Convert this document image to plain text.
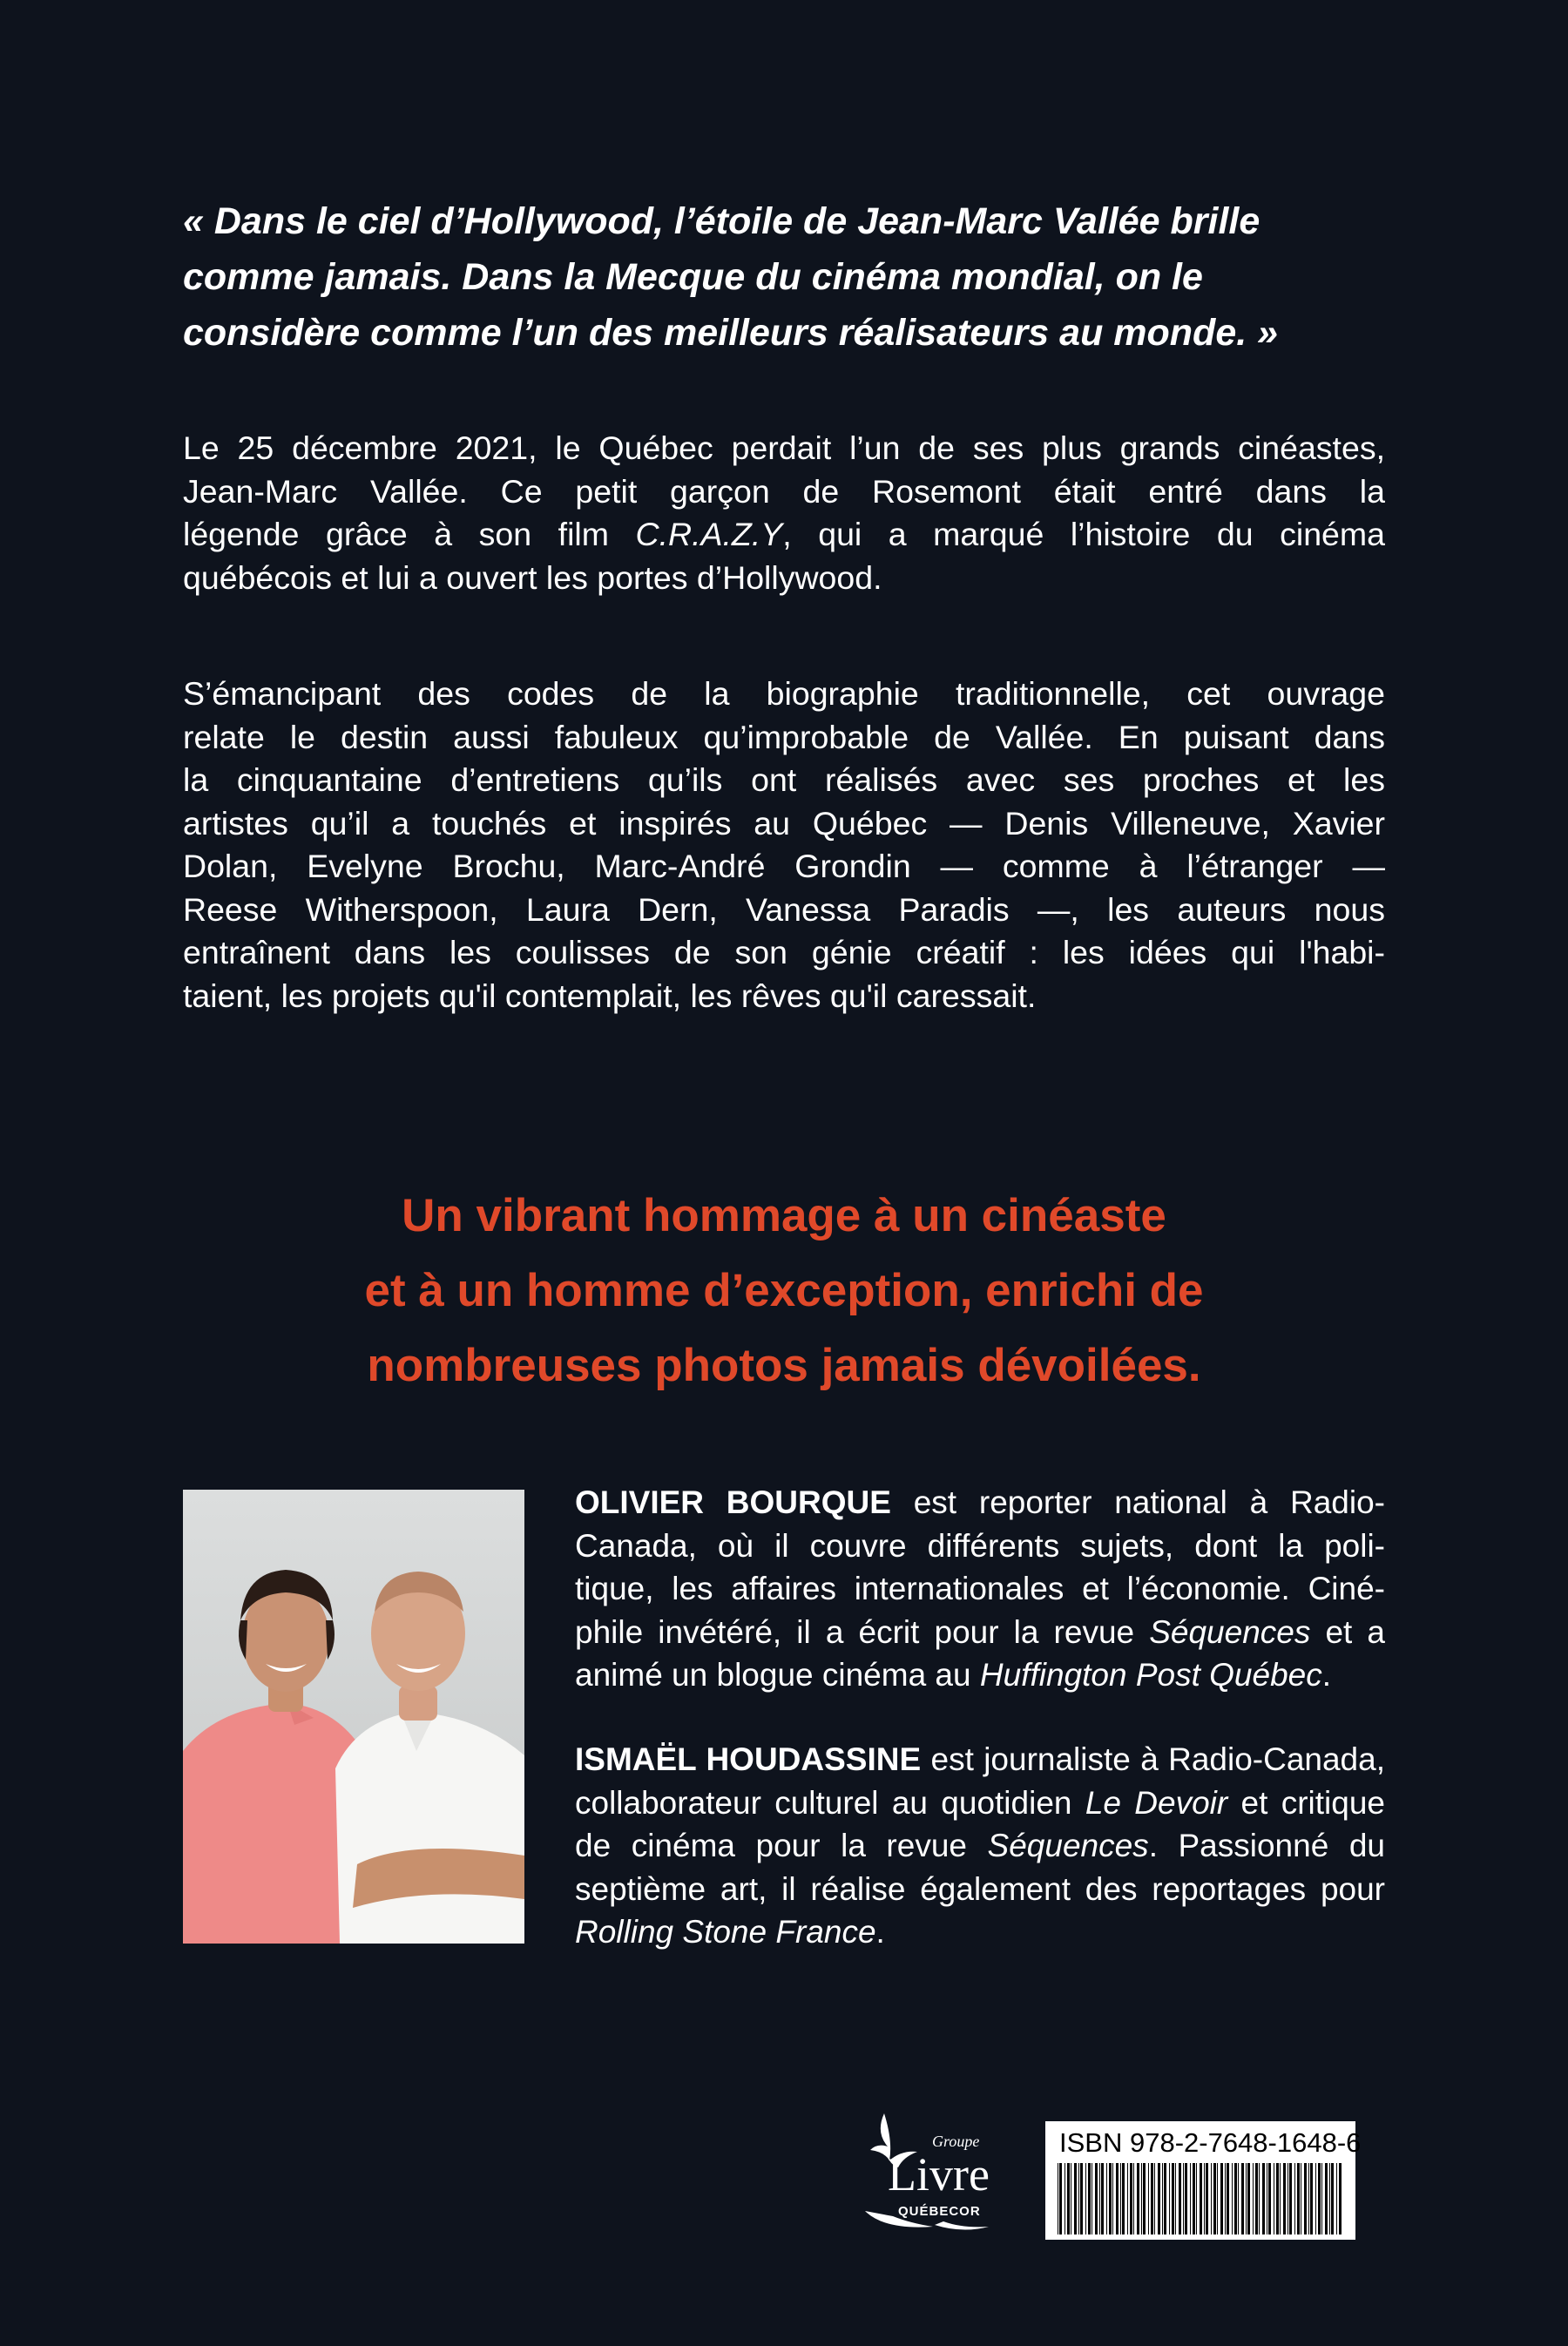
« Dans le ciel d’Hollywood, l’étoile de Jean-Marc Vallée brille
comme jamais. Dans la Mecque du cinéma mondial, on le
considère comme l’un des meilleurs réalisateurs au monde. »
Le 25 décembre 2021, le Québec perdait l’un de ses plus grands cinéastes,
Jean-Marc Vallée. Ce petit garçon de Rosemont était entré dans la
légende grâce à son film C.R.A.Z.Y, qui a marqué l’histoire du cinéma
québécois et lui a ouvert les portes d’Hollywood.
S’émancipant des codes de la biographie traditionnelle, cet ouvrage
relate le destin aussi fabuleux qu’improbable de Vallée. En puisant dans
la cinquantaine d’entretiens qu’ils ont réalisés avec ses proches et les
artistes qu’il a touchés et inspirés au Québec — Denis Villeneuve, Xavier
Dolan, Evelyne Brochu, Marc-André Grondin — comme à l’étranger —
Reese Witherspoon, Laura Dern, Vanessa Paradis —, les auteurs nous
entraînent dans les coulisses de son génie créatif : les idées qui l'habi-
taient, les projets qu'il contemplait, les rêves qu'il caressait.
Un vibrant hommage à un cinéaste
et à un homme d’exception, enrichi de
nombreuses photos jamais dévoilées.
OLIVIER BOURQUE est reporter national à Radio-
Canada, où il couvre différents sujets, dont la poli-
tique, les affaires internationales et l’économie. Ciné-
phile invétéré, il a écrit pour la revue Séquences et a
animé un blogue cinéma au Huffington Post Québec.
ISMAËL HOUDASSINE est journaliste à Radio-Canada,
collaborateur culturel au quotidien Le Devoir et critique
de cinéma pour la revue Séquences. Passionné du
septième art, il réalise également des reportages pour
Rolling Stone France.
Groupe
Livre
QUÉBECOR
ISBN 978-2-7648-1648-6
